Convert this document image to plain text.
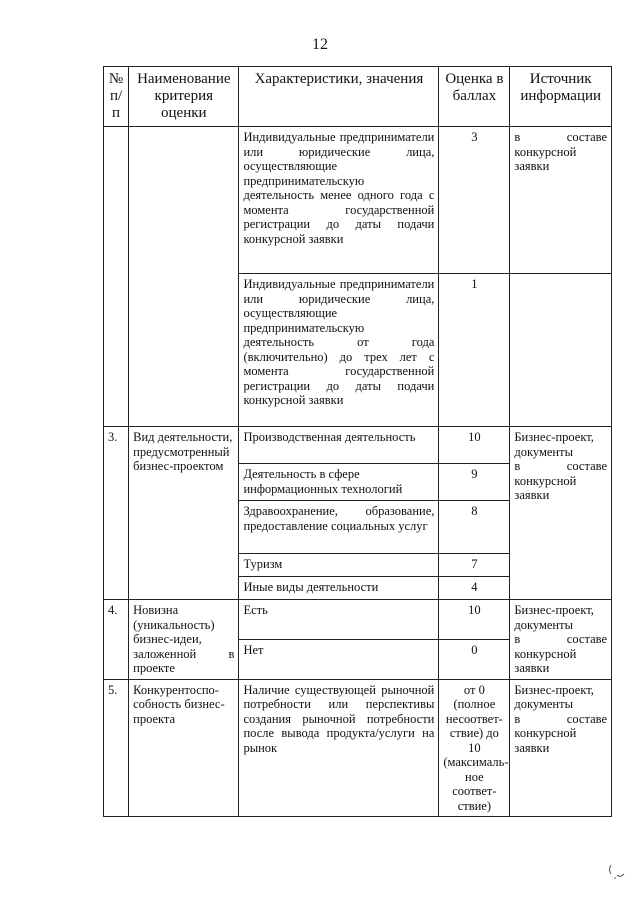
12
№ п/п	Наименование критерия оценки	Характеристики, значения	Оценка в баллах	Источник информации
		Индивидуальные предприниматели или юридические лица, осуществляющие предпринимательскую деятельность менее одного года с момента государственной регистрации до даты подачи конкурсной заявки	3	в составе конкурсной заявки
		Индивидуальные предприниматели или юридические лица, осуществляющие предпринимательскую деятельность от года (включительно) до трех лет с момента государственной регистрации до даты подачи конкурсной заявки	1	
3.	Вид деятельности, предусмотренный бизнес-проектом	Производственная деятельность	10	Бизнес-проект, документы
в составе конкурсной заявки

		Деятельность в сфере информационных технологий	9	
		Здравоохранение, образование, предоставление социальных услуг	8	
		Туризм	7	
		Иные виды деятельности	4	
4.	Новизна (уникальность) бизнес-идеи, заложенной в проекте	Есть	10	Бизнес-проект, документы
в составе конкурсной заявки

		Нет	0	
5.	Конкурентоспо-собность бизнес-проекта	Наличие существующей рыночной потребности или перспективы создания рыночной потребности после вывода продукта/услуги на рынок	от 0 (полное несоответ-ствие) до 10 (максималь-ное соответ-ствие)	Бизнес-проект, документы
в составе конкурсной заявки
